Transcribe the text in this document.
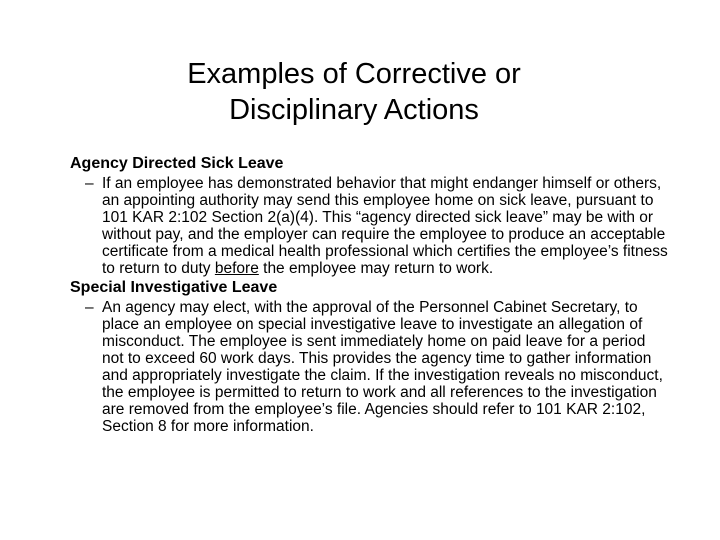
Examples of Corrective or
Disciplinary Actions

Agency Directed Sick Leave

– If an employee has demonstrated behavior that might endanger himself or others, an appointing authority may send this employee home on sick leave, pursuant to 101 KAR 2:102 Section 2(a)(4). This “agency directed sick leave” may be with or without pay, and the employer can require the employee to produce an acceptable certificate from a medical health professional which certifies the employee’s fitness to return to duty before the employee may return to work.

Special Investigative Leave

– An agency may elect, with the approval of the Personnel Cabinet Secretary, to place an employee on special investigative leave to investigate an allegation of misconduct. The employee is sent immediately home on paid leave for a period not to exceed 60 work days. This provides the agency time to gather information and appropriately investigate the claim. If the investigation reveals no misconduct, the employee is permitted to return to work and all references to the investigation are removed from the employee’s file. Agencies should refer to 101 KAR 2:102, Section 8 for more information.
